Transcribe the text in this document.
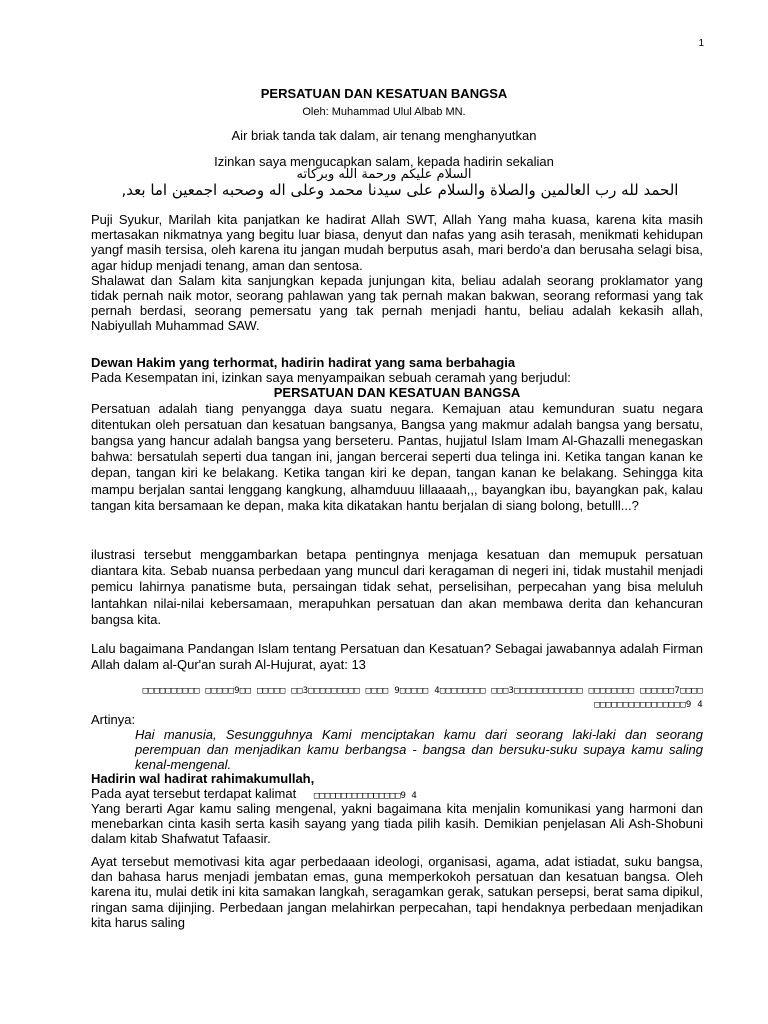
1
PERSATUAN DAN KESATUAN BANGSA
Oleh: Muhammad Ulul Albab MN.
Air briak tanda tak dalam, air tenang menghanyutkan
Izinkan saya mengucapkan salam, kepada hadirin sekalian
السلام عليكم ورحمة الله وبركاته
الحمد لله رب العالمين والصلاة والسلام على سيدنا محمد وعلى اله وصحبه اجمعين اما بعد,

Puji Syukur, Marilah kita panjatkan ke hadirat Allah SWT, Allah Yang maha kuasa, karena kita masih mertasakan nikmatnya yang begitu luar biasa, denyut dan nafas yang asih terasah, menikmati kehidupan yangf masih tersisa, oleh karena itu jangan mudah berputus asah, mari berdo'a dan berusaha selagi bisa, agar hidup menjadi tenang, aman dan sentosa.

Shalawat dan Salam kita sanjungkan kepada junjungan kita, beliau adalah seorang proklamator yang tidak pernah naik motor, seorang pahlawan yang tak pernah makan bakwan, seorang reformasi yang tak pernah berdasi, seorang pemersatu yang tak pernah menjadi hantu, beliau adalah kekasih allah, Nabiyullah Muhammad SAW.

Dewan Hakim yang terhormat, hadirin hadirat yang sama berbahagia

Pada Kesempatan ini, izinkan saya menyampaikan sebuah ceramah yang berjudul:

PERSATUAN DAN KESATUAN BANGSA

Persatuan adalah tiang penyangga daya suatu negara. Kemajuan atau kemunduran suatu negara ditentukan oleh persatuan dan kesatuan bangsanya, Bangsa yang makmur adalah bangsa yang bersatu, bangsa yang hancur adalah bangsa yang berseteru. Pantas, hujjatul Islam Imam Al-Ghazalli menegaskan bahwa: bersatulah seperti dua tangan ini, jangan bercerai seperti dua telinga ini. Ketika tangan kanan ke depan, tangan kiri ke belakang. Ketika tangan kiri ke depan, tangan kanan ke belakang. Sehingga kita mampu berjalan santai lenggang kangkung, alhamduuu lillaaaah,,, bayangkan ibu, bayangkan pak, kalau tangan kita bersamaan ke depan, maka kita dikatakan hantu berjalan di siang bolong, betulll...?

ilustrasi tersebut menggambarkan betapa pentingnya menjaga kesatuan dan memupuk persatuan diantara kita. Sebab nuansa perbedaan yang muncul dari keragaman di negeri ini, tidak mustahil menjadi pemicu lahirnya panatisme buta, persaingan tidak sehat, perselisihan, perpecahan yang bisa meluluh lantahkan nilai-nilai kebersamaan, merapuhkan persatuan dan akan membawa derita dan kehancuran bangsa kita.
Lalu bagaimana Pandangan Islam tentang Persatuan dan Kesatuan? Sebagai jawabannya adalah Firman Allah dalam al-Qur'an surah Al-Hujurat, ayat: 13
□□□□□□□□□□ □□□□□9□□ □□□□□ □□3□□□□□□□□□ □□□□ 9□□□□□ 4□□□□□□□□ □□□3□□□□□□□□□□□□ □□□□□□□□ □□□□□□7□□□□
□□□□□□□□□□□□□□□□9 4
Artinya:
Hai manusia, Sesungguhnya Kami menciptakan kamu dari seorang laki-laki dan seorang perempuan dan menjadikan kamu berbangsa - bangsa dan bersuku-suku supaya kamu saling kenal-mengenal.
Hadirin wal hadirat rahimakumullah,
Pada ayat tersebut terdapat kalimat □□□□□□□□□□□□□□□□9 4
Yang berarti Agar kamu saling mengenal, yakni bagaimana kita menjalin komunikasi yang harmoni dan menebarkan cinta kasih serta kasih sayang yang tiada pilih kasih. Demikian penjelasan Ali Ash-Shobuni dalam kitab Shafwatut Tafaasir.
Ayat tersebut memotivasi kita agar perbedaaan ideologi, organisasi, agama, adat istiadat, suku bangsa, dan bahasa harus menjadi jembatan emas, guna memperkokoh persatuan dan kesatuan bangsa. Oleh karena itu, mulai detik ini kita samakan langkah, seragamkan gerak, satukan persepsi, berat sama dipikul, ringan sama dijinjing. Perbedaan jangan melahirkan perpecahan, tapi hendaknya perbedaan menjadikan kita harus saling
